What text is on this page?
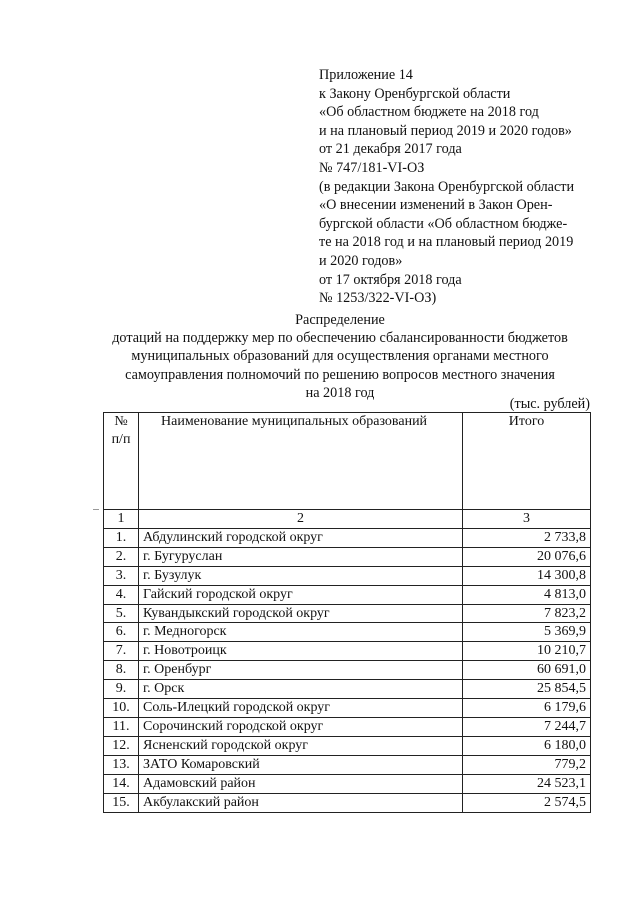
Приложение 14
к Закону Оренбургской области
«Об областном бюджете на 2018 год
и на плановый период 2019 и 2020 годов»
от 21 декабря 2017 года
№ 747/181-VI-ОЗ
(в редакции Закона Оренбургской области
«О внесении изменений в Закон Орен-
бургской области «Об областном бюдже-
те на 2018 год и на плановый период 2019
и 2020 годов»
от 17 октября 2018 года
№ 1253/322-VI-ОЗ)
Распределение
дотаций на поддержку мер по обеспечению сбалансированности бюджетов
муниципальных образований для осуществления органами местного
самоуправления полномочий по решению вопросов местного значения
на 2018 год
(тыс. рублей)
№
п/п	Наименование муниципальных образований	Итого
1	2	3
1.	Абдулинский городской округ	2 733,8
2.	г. Бугуруслан	20 076,6
3.	г. Бузулук	14 300,8
4.	Гайский городской округ	4 813,0
5.	Кувандыкский городской округ	7 823,2
6.	г. Медногорск	5 369,9
7.	г. Новотроицк	10 210,7
8.	г. Оренбург	60 691,0
9.	г. Орск	25 854,5
10.	Соль-Илецкий городской округ	6 179,6
11.	Сорочинский городской округ	7 244,7
12.	Ясненский городской округ	6 180,0
13.	ЗАТО Комаровский	779,2
14.	Адамовский район	24 523,1
15.	Акбулакский район	2 574,5
